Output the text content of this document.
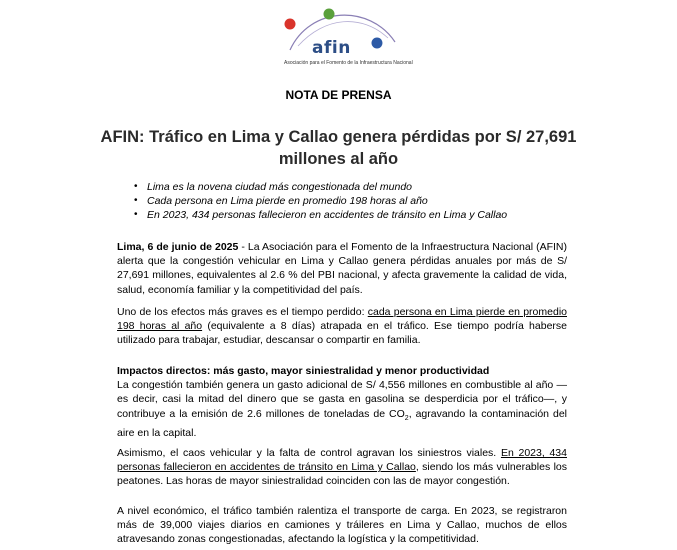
afin
Asociación para el Fomento de la Infraestructura Nacional
NOTA DE PRENSA
AFIN: Tráfico en Lima y Callao genera pérdidas por S/ 27,691
millones al año
• Lima es la novena ciudad más congestionada del mundo
• Cada persona en Lima pierde en promedio 198 horas al año
• En 2023, 434 personas fallecieron en accidentes de tránsito en Lima y Callao

Lima, 6 de junio de 2025 - La Asociación para el Fomento de la Infraestructura Nacional (AFIN) alerta que la congestión vehicular en Lima y Callao genera pérdidas anuales por más de S/ 27,691 millones, equivalentes al 2.6 % del PBI nacional, y afecta gravemente la calidad de vida, salud, economía familiar y la competitividad del país.

Uno de los efectos más graves es el tiempo perdido: cada persona en Lima pierde en promedio 198 horas al año (equivalente a 8 días) atrapada en el tráfico. Ese tiempo podría haberse utilizado para trabajar, estudiar, descansar o compartir en familia.

Impactos directos: más gasto, mayor siniestralidad y menor productividad
La congestión también genera un gasto adicional de S/ 4,556 millones en combustible al año —es decir, casi la mitad del dinero que se gasta en gasolina se desperdicia por el tráfico—, y contribuye a la emisión de 2.6 millones de toneladas de $CO_2$, agravando la contaminación del aire en la capital.

Asimismo, el caos vehicular y la falta de control agravan los siniestros viales. En 2023, 434 personas fallecieron en accidentes de tránsito en Lima y Callao, siendo los más vulnerables los peatones. Las horas de mayor siniestralidad coinciden con las de mayor congestión.

A nivel económico, el tráfico también ralentiza el transporte de carga. En 2023, se registraron más de 39,000 viajes diarios en camiones y tráileres en Lima y Callao, muchos de ellos atravesando zonas congestionadas, afectando la logística y la competitividad.
